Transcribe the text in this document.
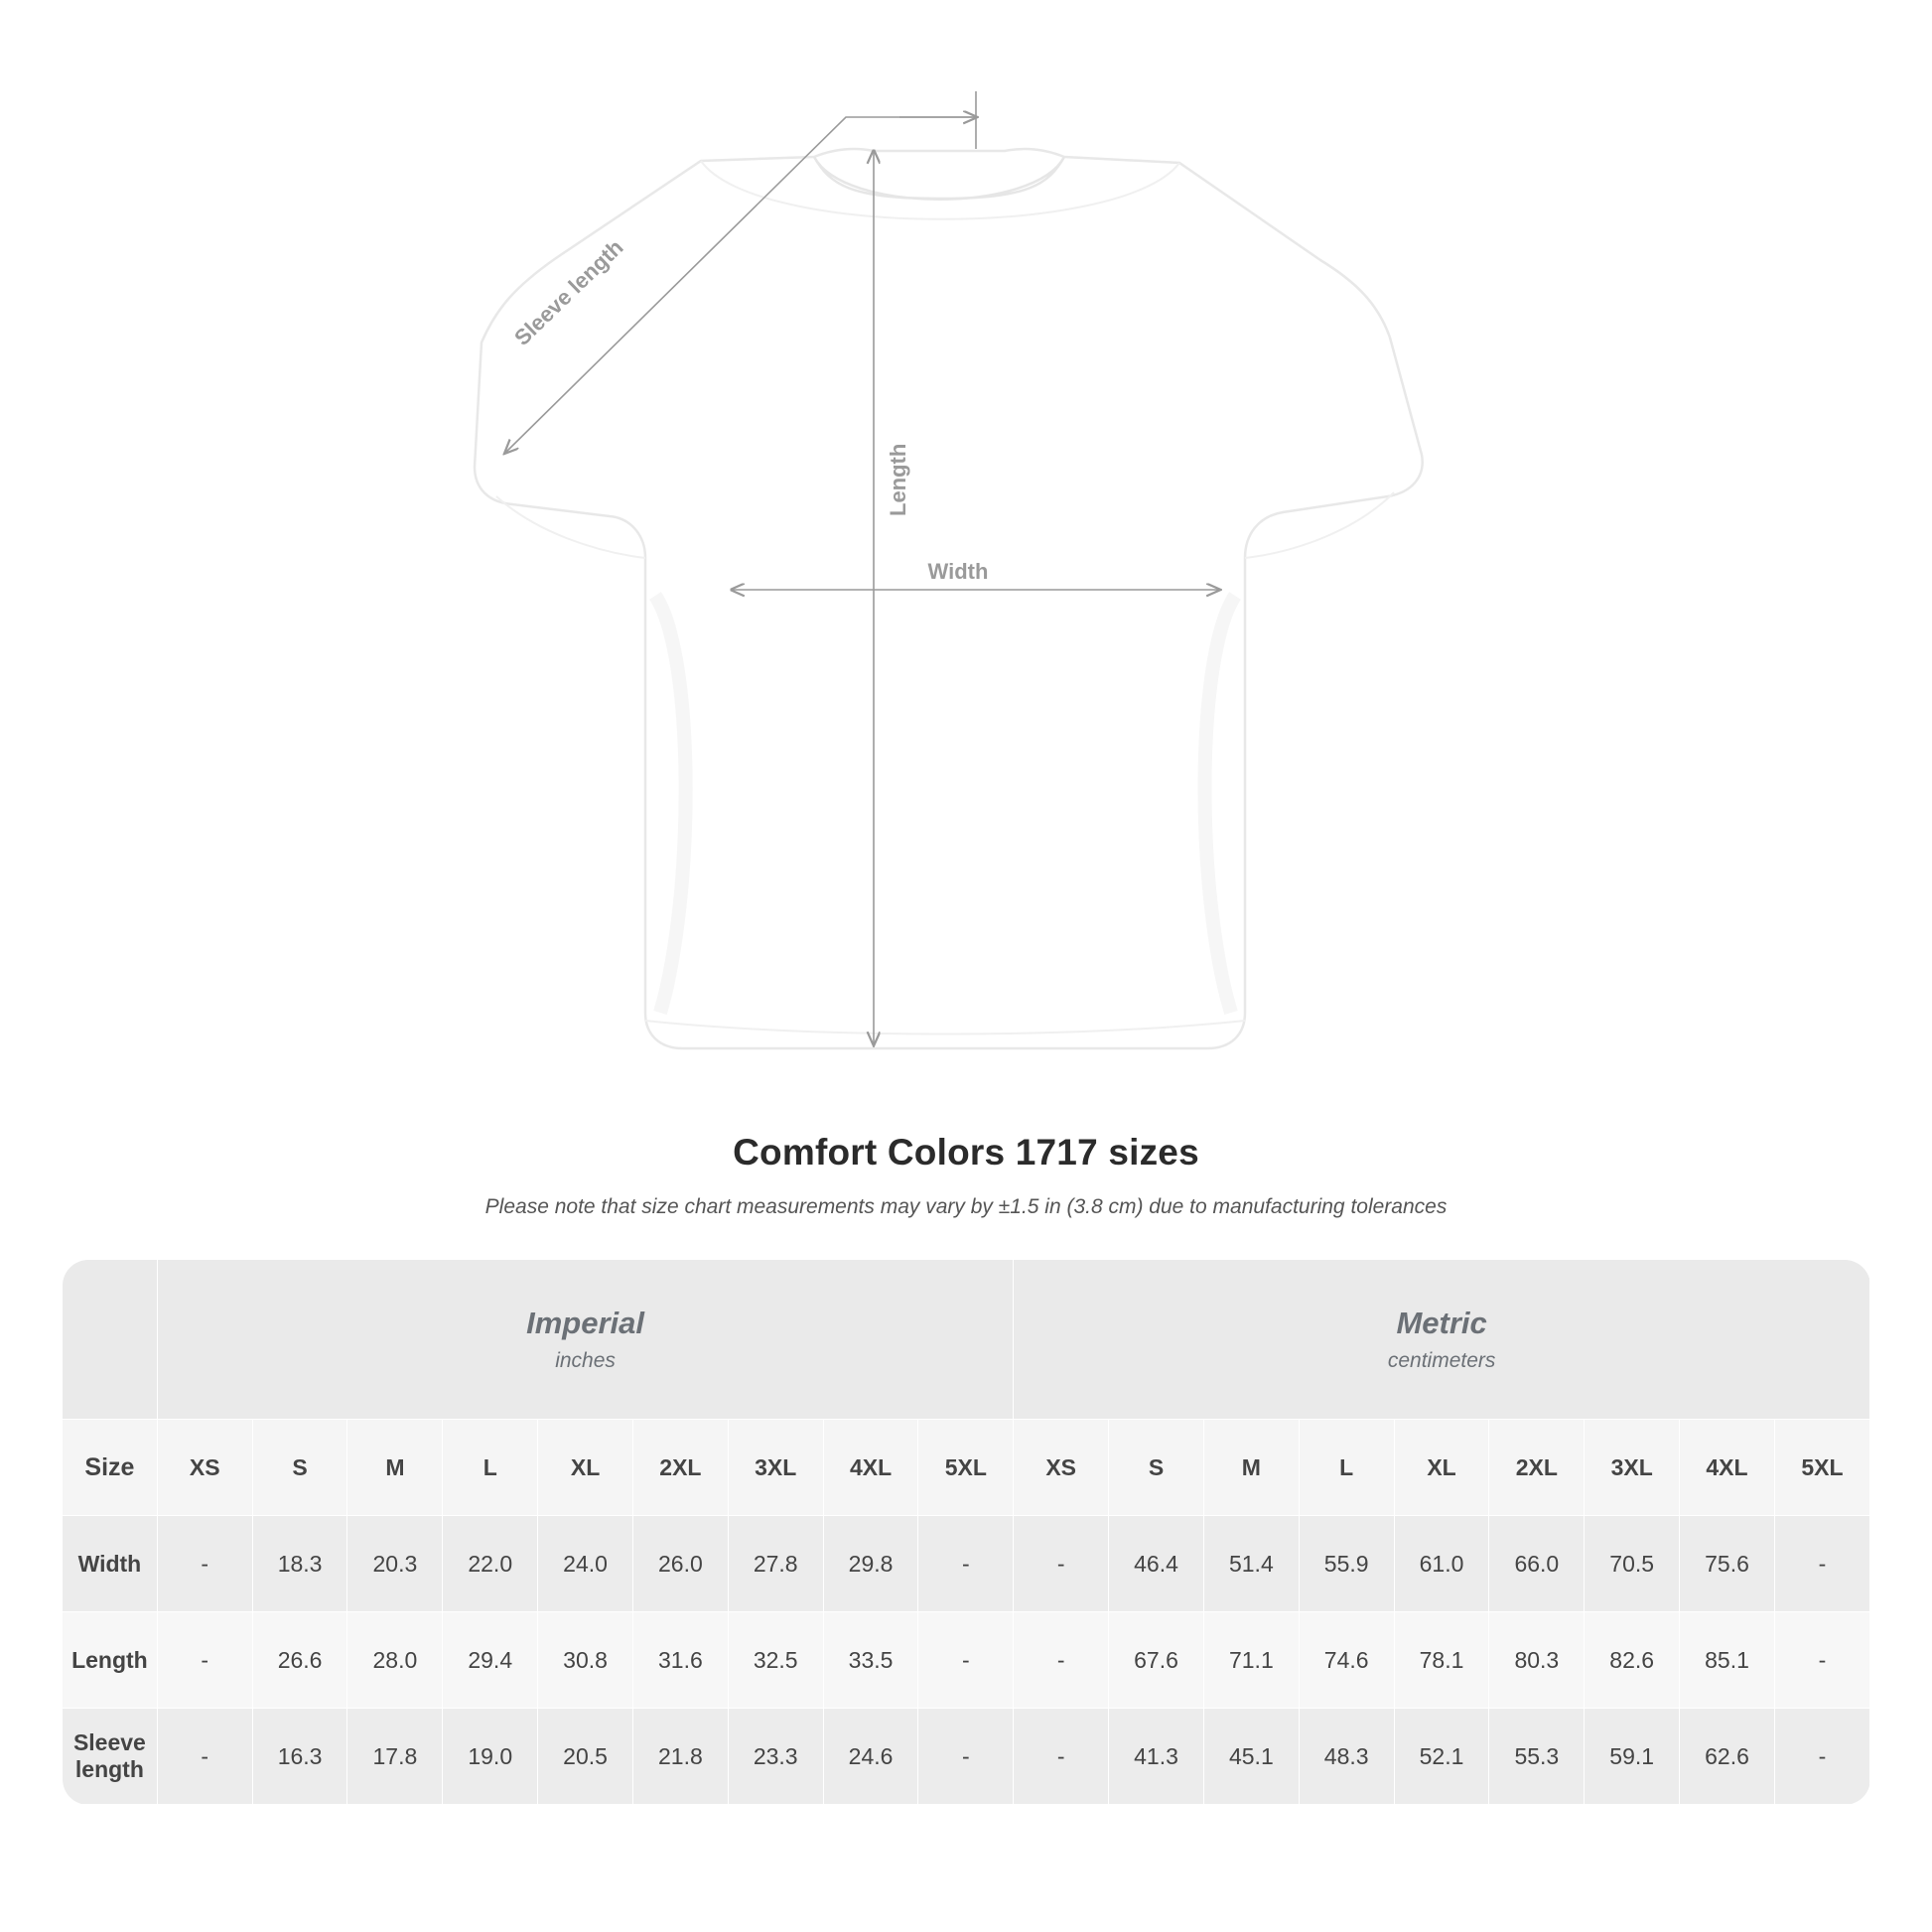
Length
Width
Sleeve length
Comfort Colors 1717 sizes
Please note that size chart measurements may vary by ±1.5 in (3.8 cm) due to manufacturing tolerances

Imperial
inches

Metric
centimeters

Size	XS	S	M	L	XL	2XL	3XL	4XL	5XL	XS	S	M	L	XL	2XL	3XL	4XL	5XL
Width	-	18.3	20.3	22.0	24.0	26.0	27.8	29.8	-	-	46.4	51.4	55.9	61.0	66.0	70.5	75.6	-
Length	-	26.6	28.0	29.4	30.8	31.6	32.5	33.5	-	-	67.6	71.1	74.6	78.1	80.3	82.6	85.1	-
Sleeve length	-	16.3	17.8	19.0	20.5	21.8	23.3	24.6	-	-	41.3	45.1	48.3	52.1	55.3	59.1	62.6	-
